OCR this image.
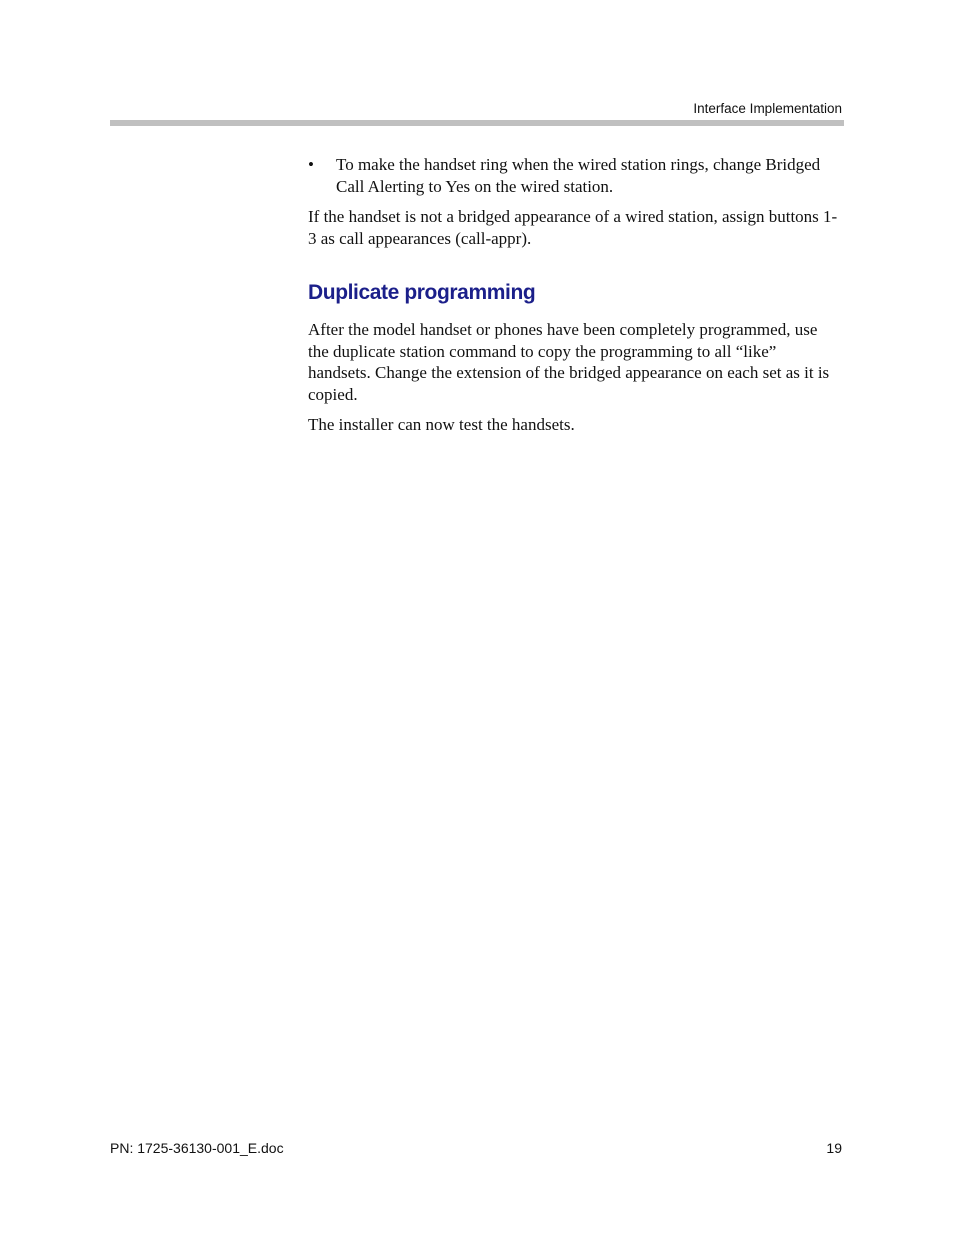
Interface Implementation
• To make the handset ring when the wired station rings, change Bridged Call Alerting to Yes on the wired station.

If the handset is not a bridged appearance of a wired station, assign buttons 1-3 as call appearances (call-appr).

Duplicate programming

After the model handset or phones have been completely programmed, use the duplicate station command to copy the programming to all “like” handsets. Change the extension of the bridged appearance on each set as it is copied.

The installer can now test the handsets.

PN: 1725-36130-001_E.doc	19
